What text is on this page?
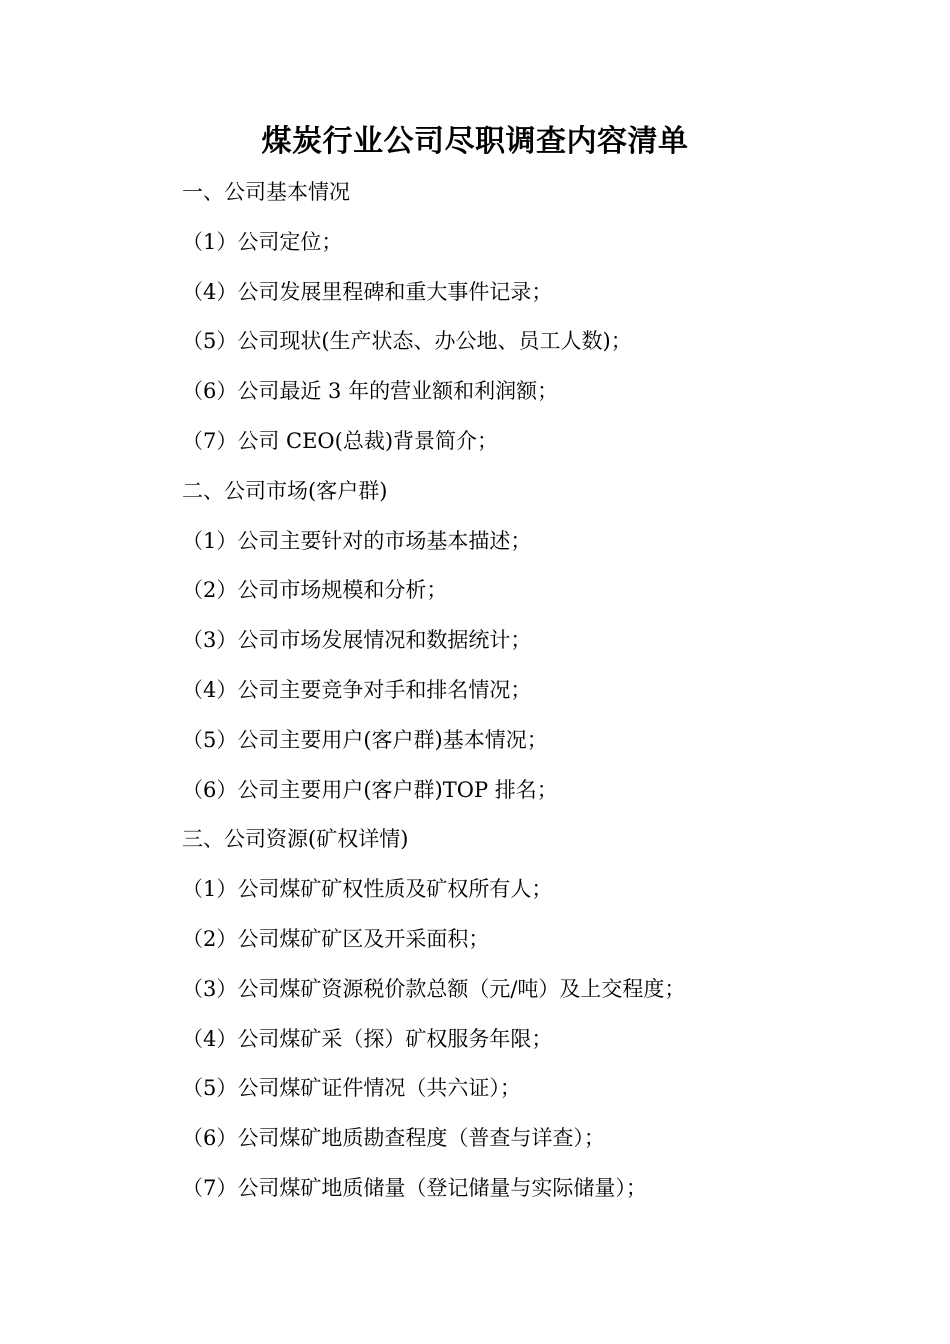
煤炭行业公司尽职调查内容清单
一、公司基本情况
（1）公司定位；
（4）公司发展里程碑和重大事件记录；
（5）公司现状(生产状态、办公地、员工人数)；
（6）公司最近 3 年的营业额和利润额；
（7）公司 CEO(总裁)背景简介；
二、公司市场(客户群)
（1）公司主要针对的市场基本描述；
（2）公司市场规模和分析；
（3）公司市场发展情况和数据统计；
（4）公司主要竞争对手和排名情况；
（5）公司主要用户(客户群)基本情况；
（6）公司主要用户(客户群)TOP 排名；
三、公司资源(矿权详情)
（1）公司煤矿矿权性质及矿权所有人；
（2）公司煤矿矿区及开采面积；
（3）公司煤矿资源税价款总额（元/吨）及上交程度；
（4）公司煤矿采（探）矿权服务年限；
（5）公司煤矿证件情况（共六证）；
（6）公司煤矿地质勘查程度（普查与详查）；
（7）公司煤矿地质储量（登记储量与实际储量）；
